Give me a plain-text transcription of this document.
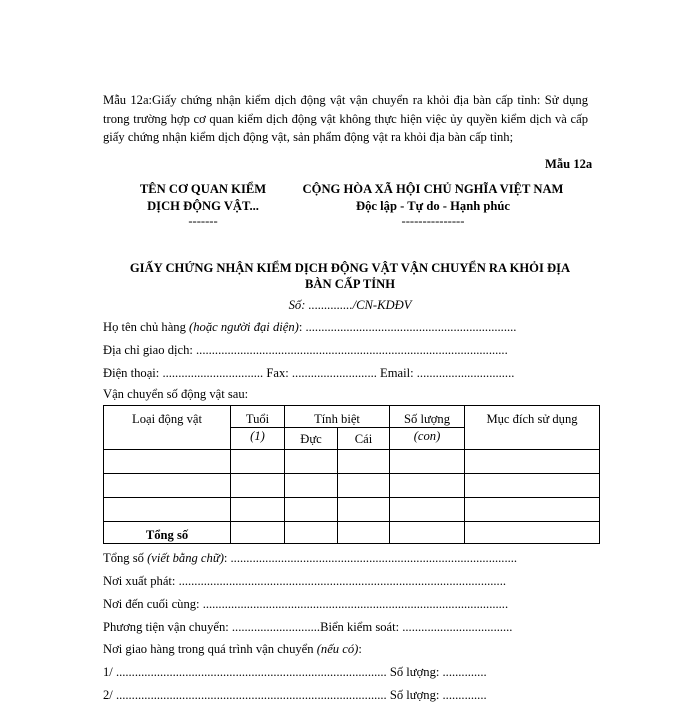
Mẫu 12a:Giấy chứng nhận kiểm dịch động vật vận chuyển ra khỏi địa bàn cấp tỉnh: Sử dụng trong trường hợp cơ quan kiểm dịch động vật không thực hiện việc ủy quyền kiểm dịch và cấp giấy chứng nhận kiểm dịch động vật, sản phẩm động vật ra khỏi địa bàn cấp tỉnh;
Mẫu 12a
TÊN CƠ QUAN KIỂM
DỊCH ĐỘNG VẬT...
-------
CỘNG HÒA XÃ HỘI CHỦ NGHĨA VIỆT NAM
Độc lập - Tự do - Hạnh phúc
---------------
GIẤY CHỨNG NHẬN KIỂM DỊCH ĐỘNG VẬT VẬN CHUYỂN RA KHỎI ĐỊA
BÀN CẤP TỈNH
Số: ............../CN-KDĐV
Họ tên chủ hàng (hoặc người đại diện): ...................................................................
Địa chỉ giao dịch: ...................................................................................................
Điện thoại: ................................ Fax: ........................... Email: ...............................
Vận chuyển số động vật sau:
Loại động vật	Tuổi	Tính biệt		Số lượng	Mục đích sử dụng
	(1)	Đực	Cái	(con)	

Tổng số					
Tổng số (viết bằng chữ): ...........................................................................................
Nơi xuất phát: ........................................................................................................
Nơi đến cuối cùng: .................................................................................................
Phương tiện vận chuyển: ............................Biển kiểm soát: ...................................
Nơi giao hàng trong quá trình vận chuyển (nếu có):
1/ ...................................................................................... Số lượng: ..............
2/ ...................................................................................... Số lượng: ..............
